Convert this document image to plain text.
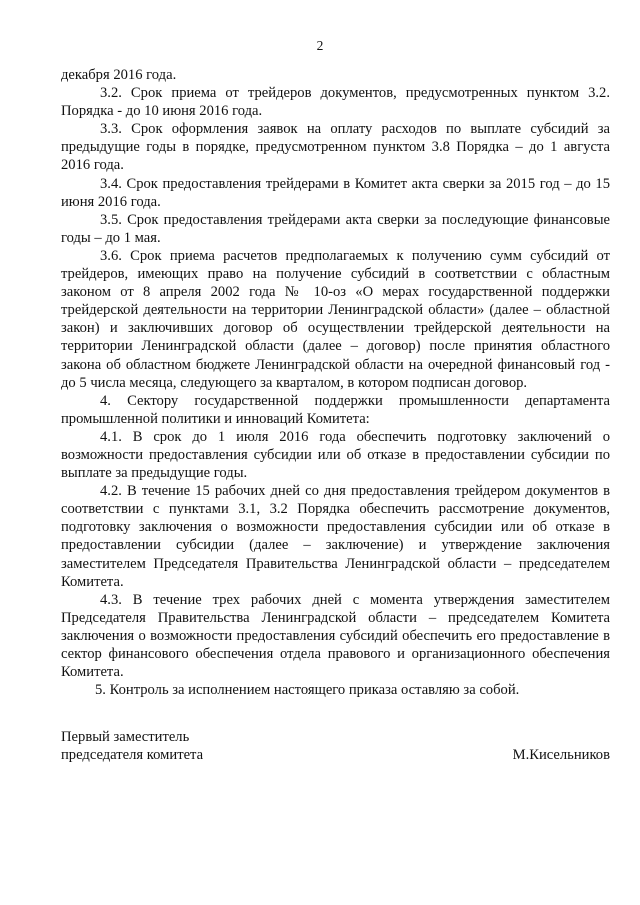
2

декабря 2016 года.

3.2. Срок приема от трейдеров документов, предусмотренных пунктом 3.2. Порядка - до 10 июня 2016 года.

3.3. Срок оформления заявок на оплату расходов по выплате субсидий за предыдущие годы в порядке, предусмотренном пунктом 3.8 Порядка – до 1 августа 2016 года.

3.4. Срок предоставления трейдерами в Комитет акта сверки за 2015 год – до 15 июня 2016 года.

3.5. Срок предоставления трейдерами акта сверки за последующие финансовые годы – до 1 мая.

3.6. Срок приема расчетов предполагаемых к получению сумм субсидий от трейдеров, имеющих право на получение субсидий в соответствии с областным законом от 8 апреля 2002 года № 10-оз «О мерах государственной поддержки трейдерской деятельности на территории Ленинградской области» (далее – областной закон) и заключивших договор об осуществлении трейдерской деятельности на территории Ленинградской области (далее – договор) после принятия областного закона об областном бюджете Ленинградской области на очередной финансовый год - до 5 числа месяца, следующего за кварталом, в котором подписан договор.

4. Сектору государственной поддержки промышленности департамента промышленной политики и инноваций Комитета:

4.1. В срок до 1 июля 2016 года обеспечить подготовку заключений о возможности предоставления субсидии или об отказе в предоставлении субсидии по выплате за предыдущие годы.

4.2. В течение 15 рабочих дней со дня предоставления трейдером документов в соответствии с пунктами 3.1, 3.2 Порядка обеспечить рассмотрение документов, подготовку заключения о возможности предоставления субсидии или об отказе в предоставлении субсидии (далее – заключение) и утверждение заключения заместителем Председателя Правительства Ленинградской области – председателем Комитета.

4.3. В течение трех рабочих дней с момента утверждения заместителем Председателя Правительства Ленинградской области – председателем Комитета заключения о возможности предоставления субсидий обеспечить его предоставление в сектор финансового обеспечения отдела правового и организационного обеспечения Комитета.

5. Контроль за исполнением настоящего приказа оставляю за собой.

Первый заместитель
председателя комитета	М.Кисельников
